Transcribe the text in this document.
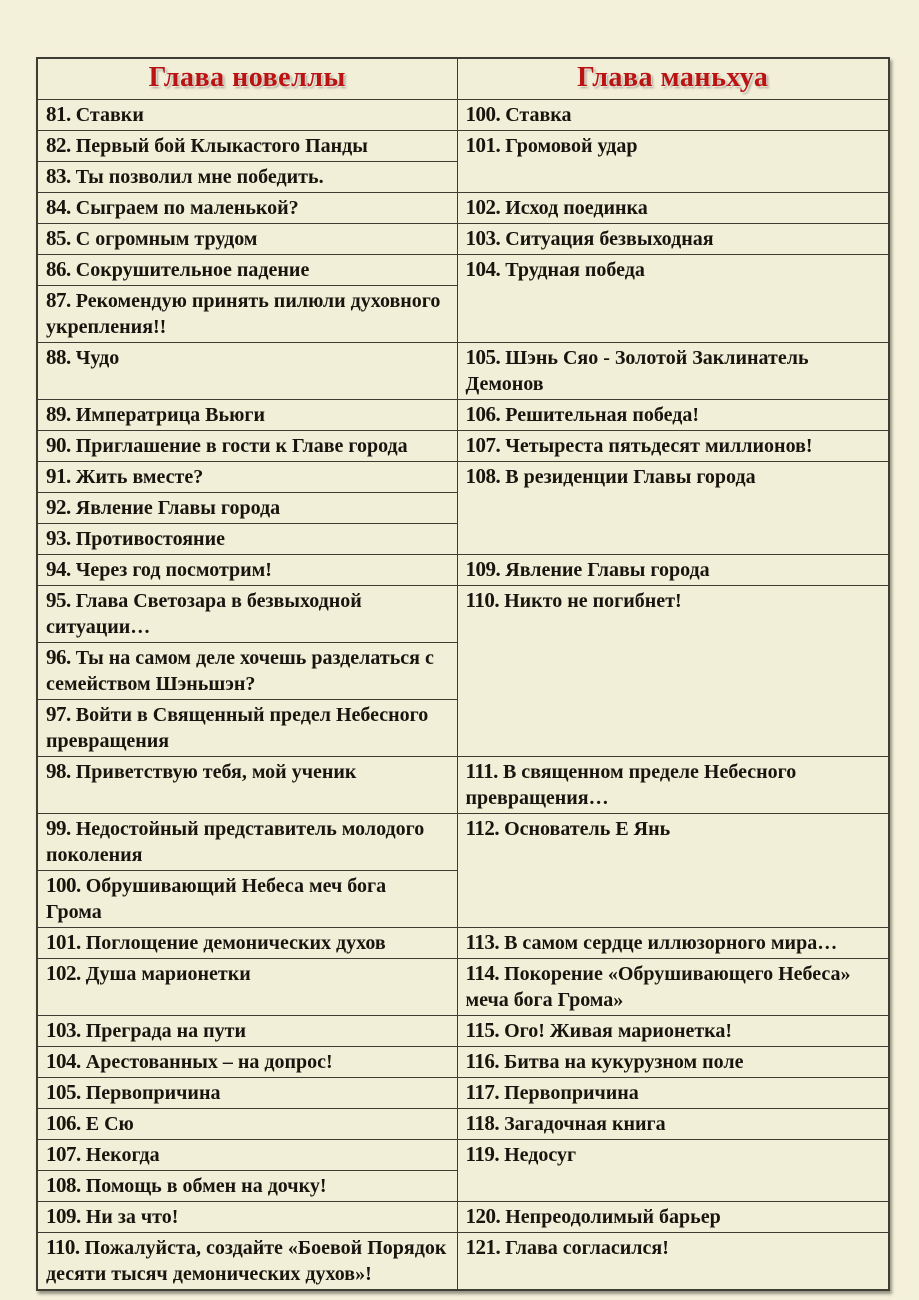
Глава новеллы	Глава маньхуа
81. Ставки	100. Ставка
82. Первый бой Клыкастого Панды	101. Громовой удар
83. Ты позволил мне победить.	
84. Сыграем по маленькой?	102. Исход поединка
85. С огромным трудом	103. Ситуация безвыходная
86. Сокрушительное падение	104. Трудная победа
87. Рекомендую принять пилюли духовного укрепления!!	
88. Чудо	105. Шэнь Сяо - Золотой Заклинатель Демонов
89. Императрица Вьюги	106. Решительная победа!
90. Приглашение в гости к Главе города	107. Четыреста пятьдесят миллионов!
91. Жить вместе?	108. В резиденции Главы города
92. Явление Главы города	
93. Противостояние	
94. Через год посмотрим!	109. Явление Главы города
95. Глава Светозара в безвыходной ситуации…	110. Никто не погибнет!
96. Ты на самом деле хочешь разделаться с семейством Шэньшэн?	
97. Войти в Священный предел Небесного превращения	
98. Приветствую тебя, мой ученик	111. В священном пределе Небесного превращения…
99. Недостойный представитель молодого поколения	112. Основатель Е Янь
100. Обрушивающий Небеса меч бога Грома	
101. Поглощение демонических духов	113. В самом сердце иллюзорного мира…
102. Душа марионетки	114. Покорение «Обрушивающего Небеса» меча бога Грома»
103. Преграда на пути	115. Ого! Живая марионетка!
104. Арестованных – на допрос!	116. Битва на кукурузном поле
105. Первопричина	117. Первопричина
106. Е Сю	118. Загадочная книга
107. Некогда	119. Недосуг
108. Помощь в обмен на дочку!	
109. Ни за что!	120. Непреодолимый барьер
110. Пожалуйста, создайте «Боевой Порядок десяти тысяч демонических духов»!	121. Глава согласился!
